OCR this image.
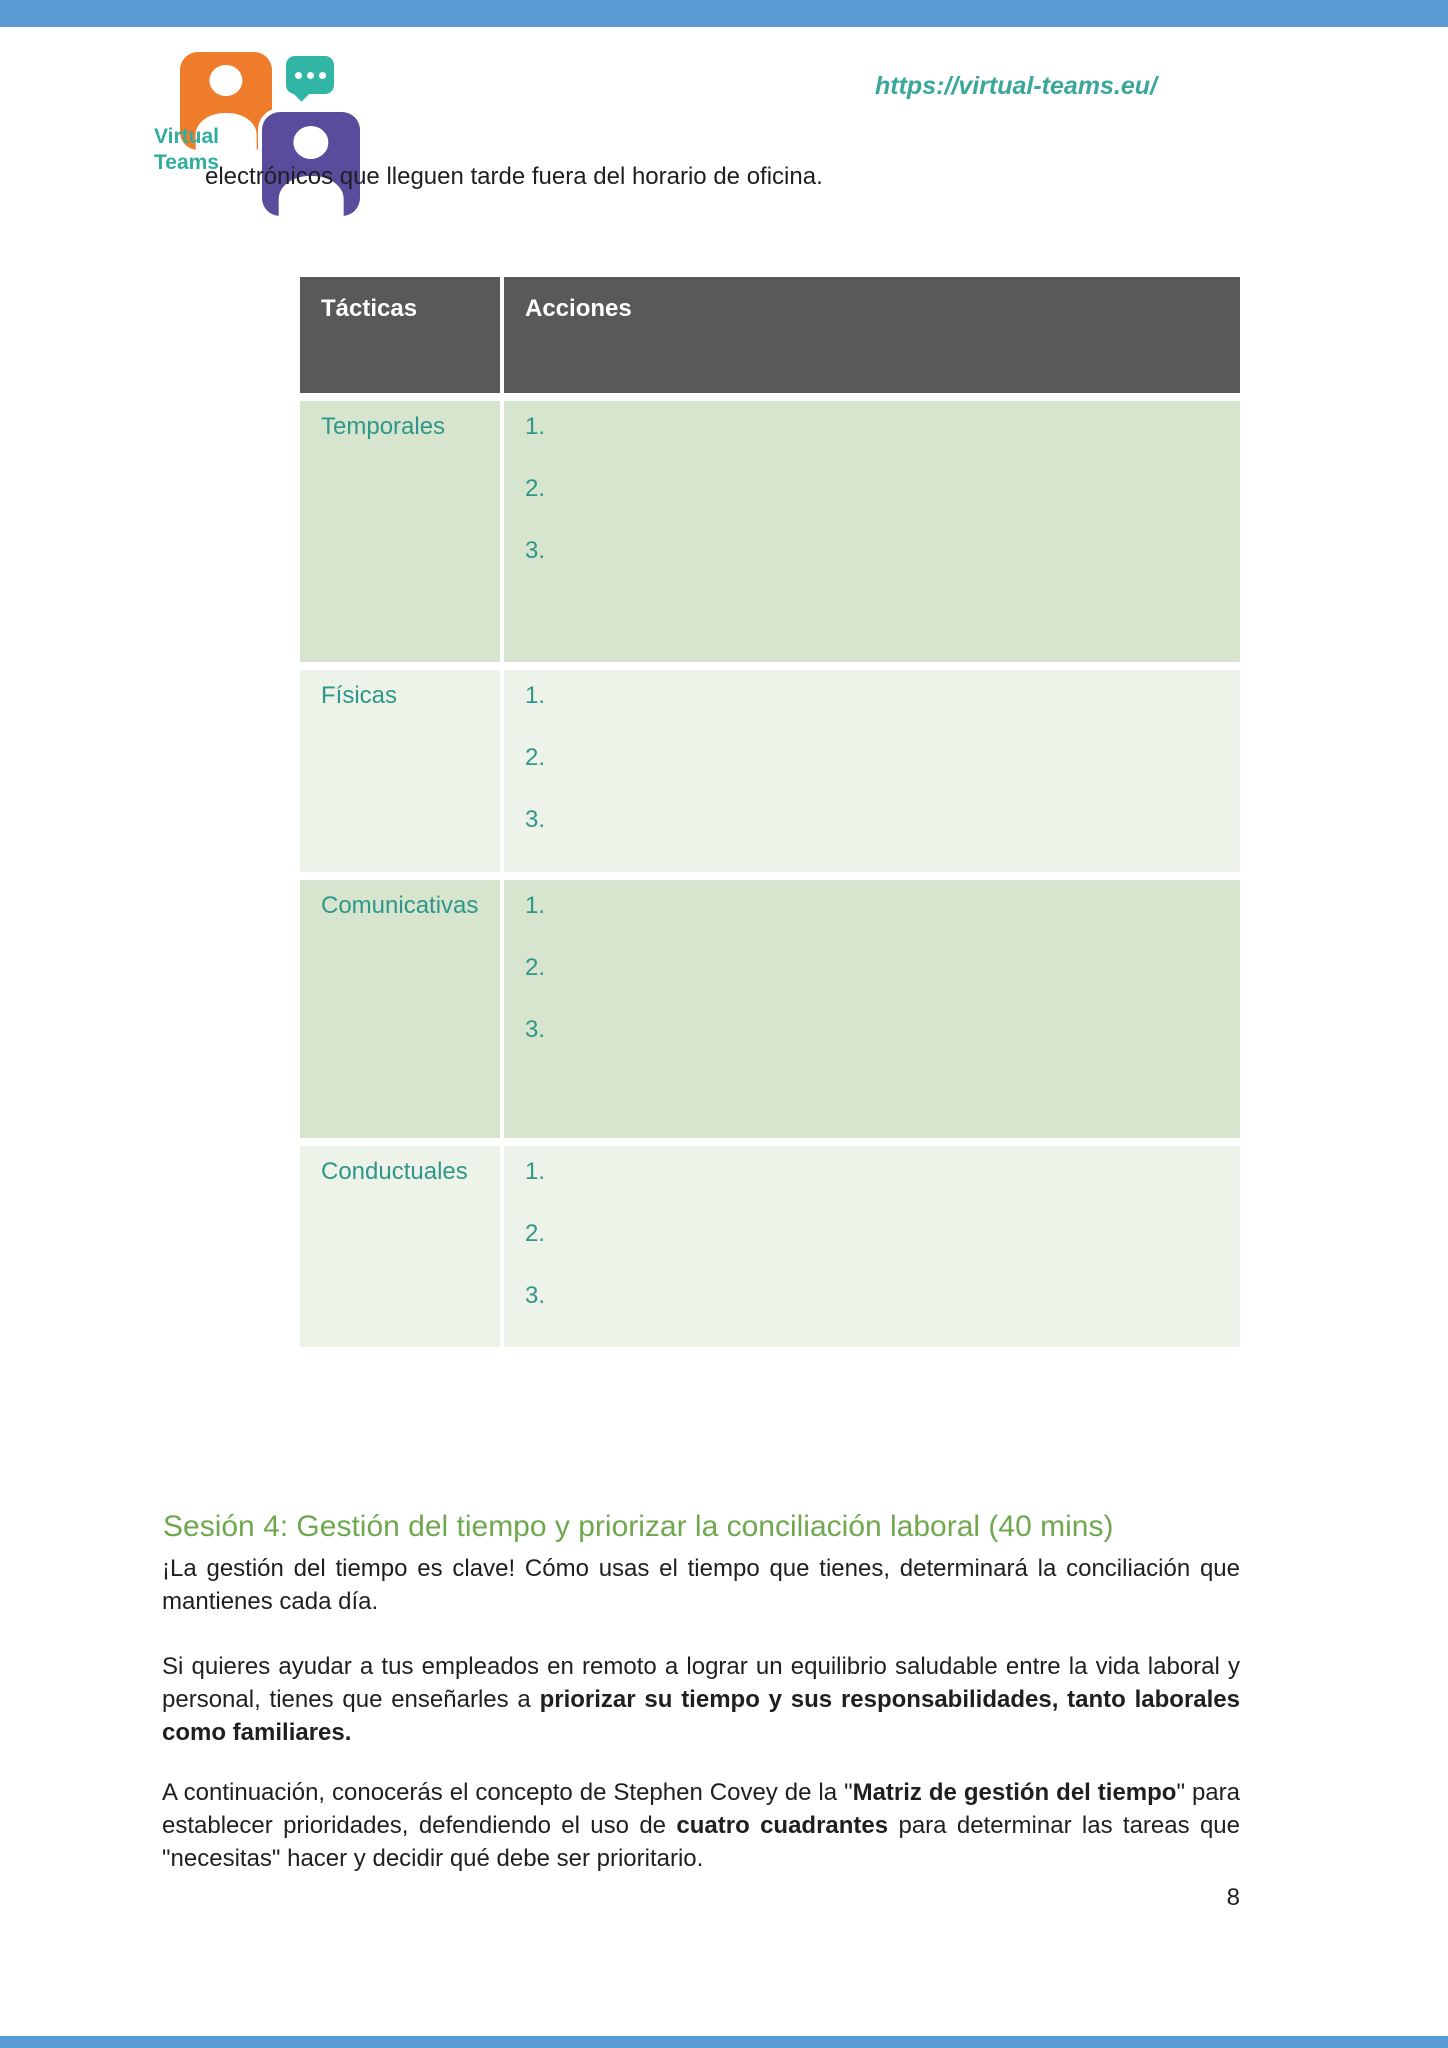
Virtual
Teams
https://virtual-teams.eu/
electrónicos que lleguen tarde fuera del horario de oficina.
Tácticas	Acciones
Temporales	1.
2.
3.
Físicas	1.
2.
3.
Comunicativas	1.
2.
3.
Conductuales	1.
2.
3.
Sesión 4: Gestión del tiempo y priorizar la conciliación laboral (40 mins)
¡La gestión del tiempo es clave! Cómo usas el tiempo que tienes, determinará la conciliación que mantienes cada día.
Si quieres ayudar a tus empleados en remoto a lograr un equilibrio saludable entre la vida laboral y personal, tienes que enseñarles a priorizar su tiempo y sus responsabilidades, tanto laborales como familiares.
A continuación, conocerás el concepto de Stephen Covey de la "Matriz de gestión del tiempo" para establecer prioridades, defendiendo el uso de cuatro cuadrantes para determinar las tareas que "necesitas" hacer y decidir qué debe ser prioritario.
8
